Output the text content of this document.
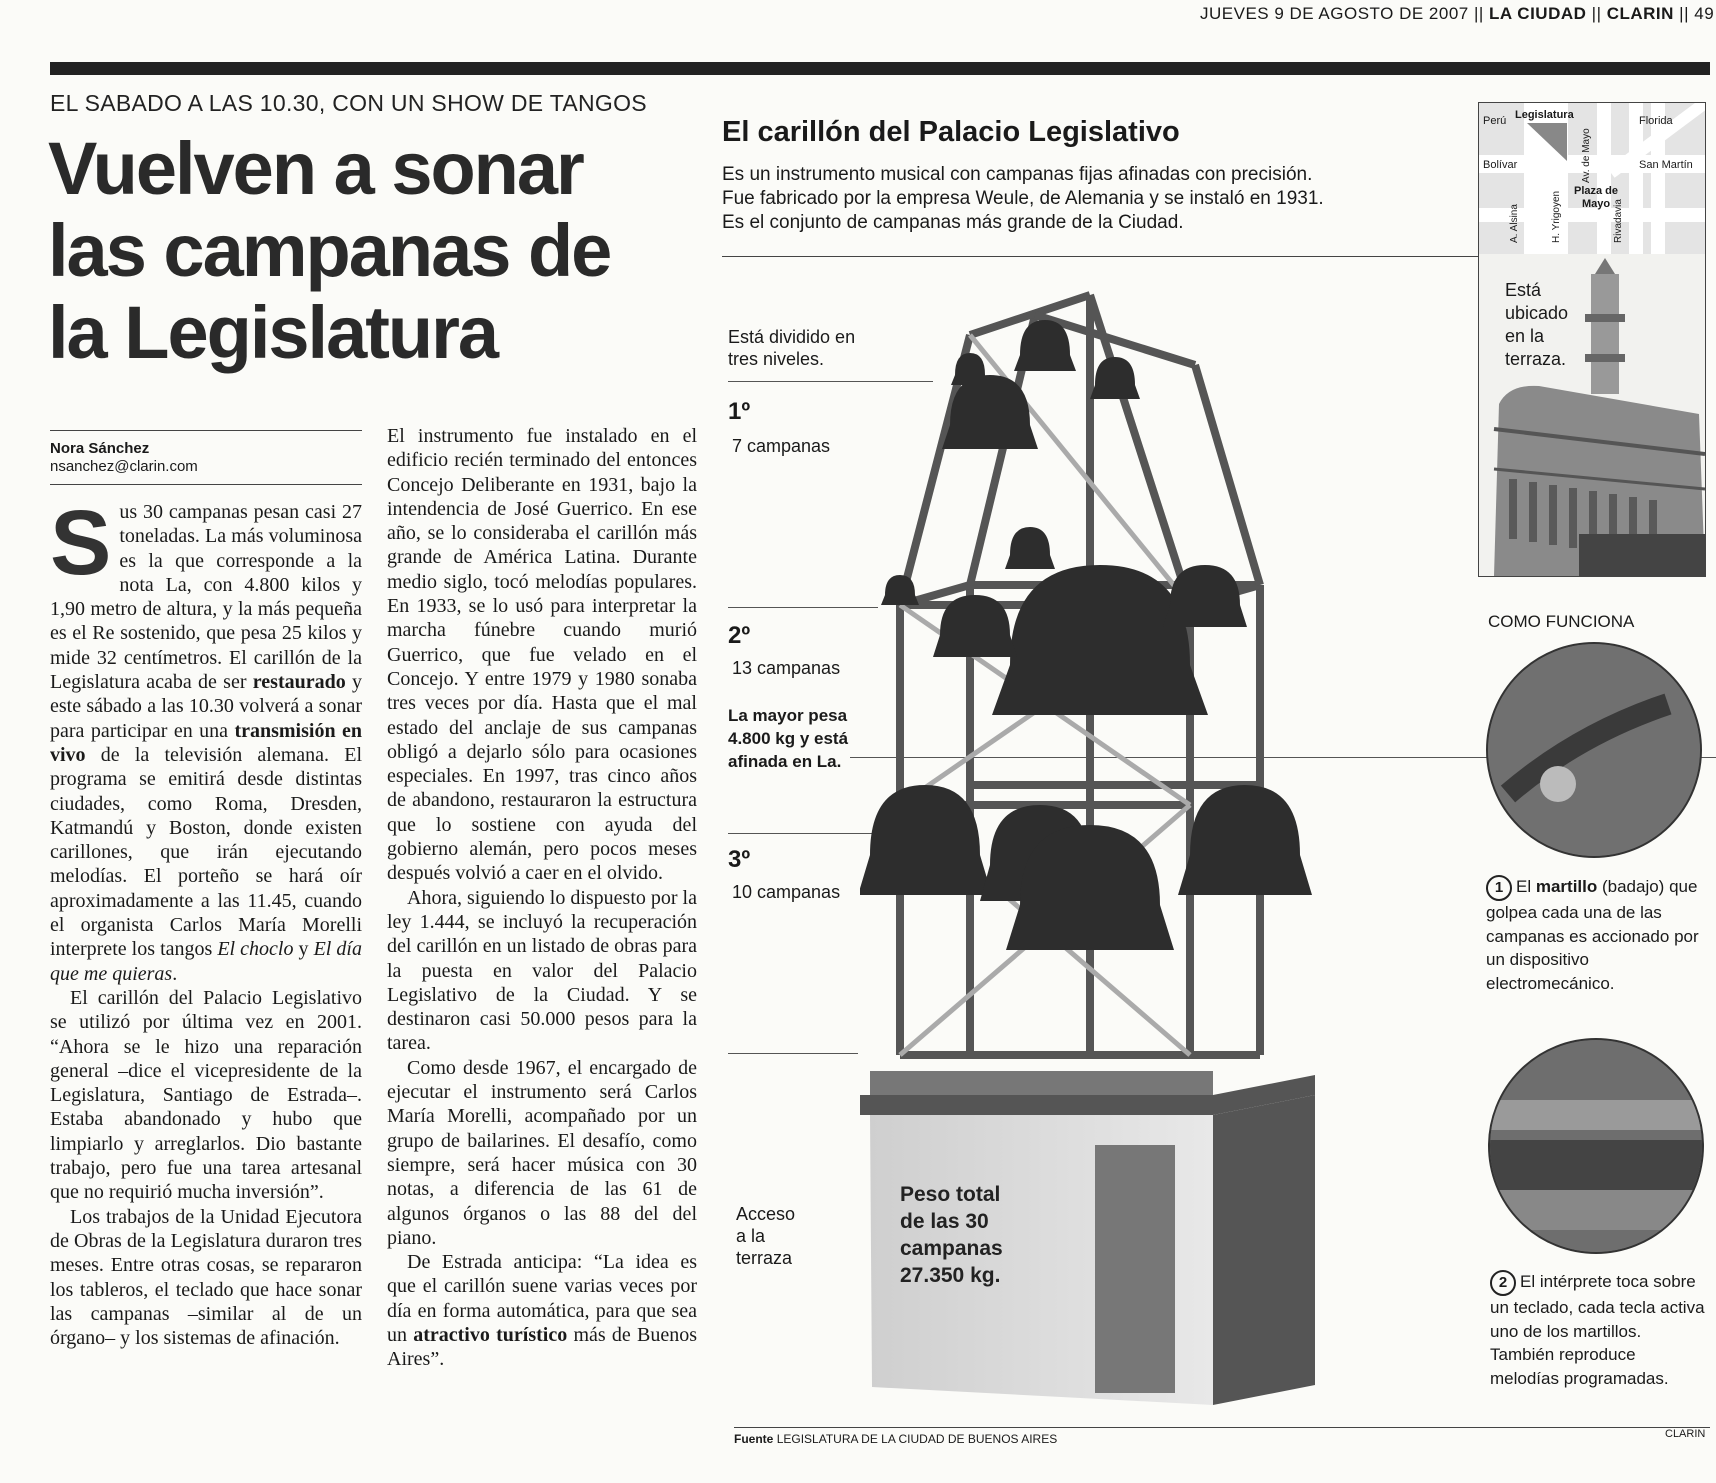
JUEVES 9 DE AGOSTO DE 2007 || LA CIUDAD || CLARIN || 49
EL SABADO A LAS 10.30, CON UN SHOW DE TANGOS
Vuelven a sonar
las campanas de
la Legislatura
Nora Sánchez
nsanchez@clarin.com

Sus 30 campanas pesan casi 27 toneladas. La más voluminosa es la que corresponde a la nota La, con 4.800 kilos y 1,90 metro de altura, y la más pequeña es el Re sostenido, que pesa 25 kilos y mide 32 centímetros. El carillón de la Legislatura acaba de ser restaurado y este sábado a las 10.30 volverá a sonar para participar en una transmisión en vivo de la televisión alemana. El programa se emitirá desde distintas ciudades, como Roma, Dresden, Katmandú y Boston, donde existen carillones, que irán ejecutando melodías. El porteño se hará oír aproximadamente a las 11.45, cuando el organista Carlos María Morelli interprete los tangos El choclo y El día que me quieras.

El carillón del Palacio Legislativo se utilizó por última vez en 2001. “Ahora se le hizo una reparación general –dice el vicepresidente de la Legislatura, Santiago de Estrada–. Estaba abandonado y hubo que limpiarlo y arreglarlos. Dio bastante trabajo, pero fue una tarea artesanal que no requirió mucha inversión”.

Los trabajos de la Unidad Ejecutora de Obras de la Legislatura duraron tres meses. Entre otras cosas, se repararon los tableros, el teclado que hace sonar las campanas –similar al de un órgano– y los sistemas de afinación.

El instrumento fue instalado en el edificio recién terminado del entonces Concejo Deliberante en 1931, bajo la intendencia de José Guerrico. En ese año, se lo consideraba el carillón más grande de América Latina. Durante medio siglo, tocó melodías populares. En 1933, se lo usó para interpretar la marcha fúnebre cuando murió Guerrico, que fue velado en el Concejo. Y entre 1979 y 1980 sonaba tres veces por día. Hasta que el mal estado del anclaje de sus campanas obligó a dejarlo sólo para ocasiones especiales. En 1997, tras cinco años de abandono, restauraron la estructura que lo sostiene con ayuda del gobierno alemán, pero pocos meses después volvió a caer en el olvido.

Ahora, siguiendo lo dispuesto por la ley 1.444, se incluyó la recuperación del carillón en un listado de obras para la puesta en valor del Palacio Legislativo de la Ciudad. Y se destinaron casi 50.000 pesos para la tarea.

Como desde 1967, el encargado de ejecutar el instrumento será Carlos María Morelli, acompañado por un grupo de bailarines. El desafío, como siempre, será hacer música con 30 notas, a diferencia de las 61 de algunos órganos o las 88 del del piano.

De Estrada anticipa: “La idea es que el carillón suene varias veces por día en forma automática, para que sea un atractivo turístico más de Buenos Aires”.

El carillón del Palacio Legislativo
Es un instrumento musical con campanas fijas afinadas con precisión.
Fue fabricado por la empresa Weule, de Alemania y se instaló en 1931.
Es el conjunto de campanas más grande de la Ciudad.
Legislatura
Perú	Florida
Bolívar	San Martín
Plaza de Mayo
A. Alsina	H. Yrigoyen
Av. de Mayo
Rivadavia
Está ubicado en la terraza.
Está dividido en tres niveles.
1º
7 campanas
2º
13 campanas
La mayor pesa 4.800 kg y está afinada en La.
3º
10 campanas
Acceso a la terraza
Peso total
de las 30
campanas
27.350 kg.
COMO FUNCIONA
1 El martillo (badajo) que golpea cada una de las campanas es accionado por un dispositivo electromecánico.
2 El intérprete toca sobre un teclado, cada tecla activa uno de los martillos. También reproduce melodías programadas.
Fuente LEGISLATURA DE LA CIUDAD DE BUENOS AIRES	CLARIN
